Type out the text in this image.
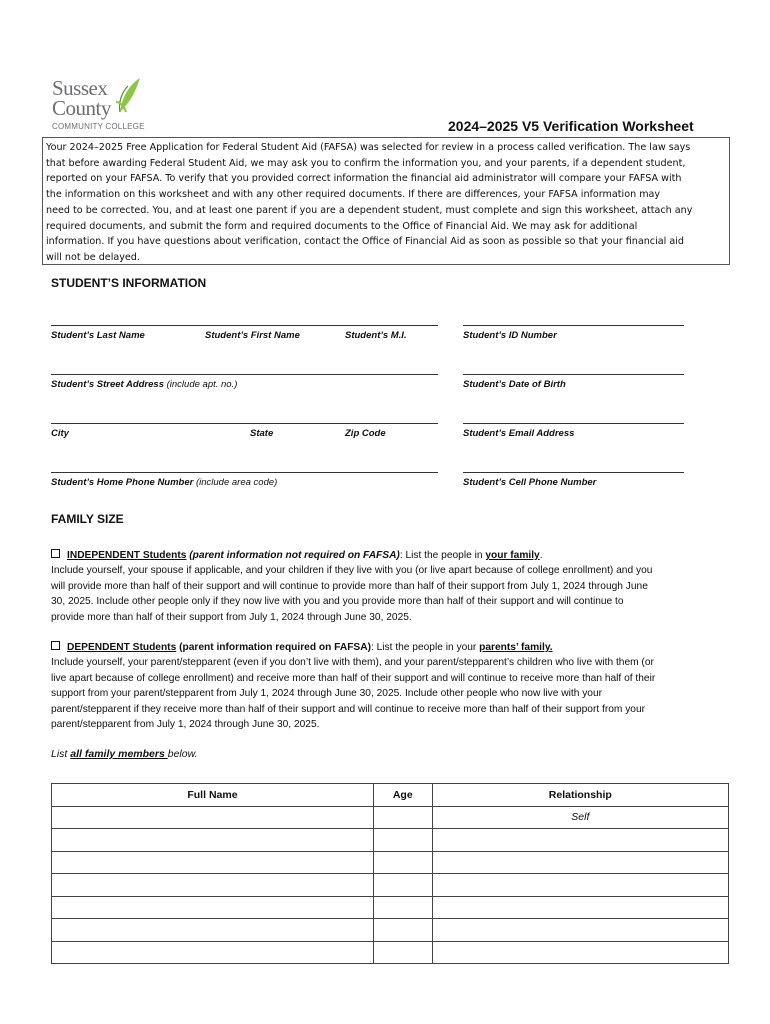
Sussex
County
COMMUNITY COLLEGE	2024–2025 V5 Verification Worksheet
Your 2024–2025 Free Application for Federal Student Aid (FAFSA) was selected for review in a process called verification. The law says
that before awarding Federal Student Aid, we may ask you to confirm the information you, and your parents, if a dependent student,
reported on your FAFSA. To verify that you provided correct information the financial aid administrator will compare your FAFSA with
the information on this worksheet and with any other required documents. If there are differences, your FAFSA information may
need to be corrected. You, and at least one parent if you are a dependent student, must complete and sign this worksheet, attach any
required documents, and submit the form and required documents to the Office of Financial Aid. We may ask for additional
information. If you have questions about verification, contact the Office of Financial Aid as soon as possible so that your financial aid
will not be delayed.
STUDENT’S INFORMATION
Student’s Last Name	Student’s First Name	Student’s M.I.	Student’s ID Number
Student’s Street Address (include apt. no.)	Student’s Date of Birth
City	State	Zip Code	Student’s Email Address
Student’s Home Phone Number (include area code)	Student’s Cell Phone Number
FAMILY SIZE
INDEPENDENT Students (parent information not required on FAFSA): List the people in your family.
Include yourself, your spouse if applicable, and your children if they live with you (or live apart because of college enrollment) and you
will provide more than half of their support and will continue to provide more than half of their support from July 1, 2024 through June
30, 2025. Include other people only if they now live with you and you provide more than half of their support and will continue to
provide more than half of their support from July 1, 2024 through June 30, 2025.
DEPENDENT Students (parent information required on FAFSA): List the people in your parents’ family.
Include yourself, your parent/stepparent (even if you don’t live with them), and your parent/stepparent’s children who live with them (or
live apart because of college enrollment) and receive more than half of their support and will continue to receive more than half of their
support from your parent/stepparent from July 1, 2024 through June 30, 2025. Include other people who now live with your
parent/stepparent if they receive more than half of their support and will continue to receive more than half of their support from your
parent/stepparent from July 1, 2024 through June 30, 2025.
List all family members below.
Full Name	Age	Relationship
		Self
